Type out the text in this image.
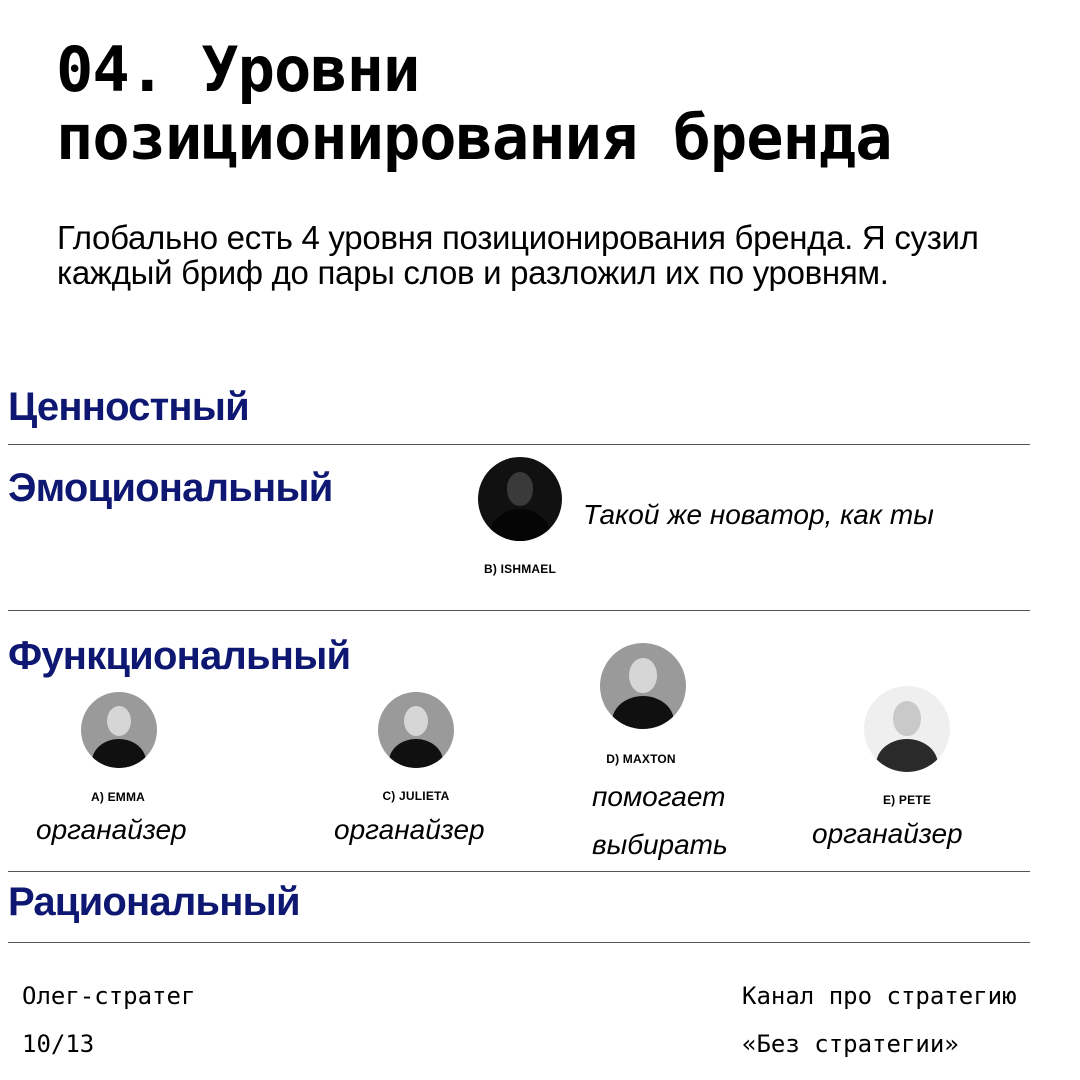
04. Уровни
позиционирования бренда
Глобально есть 4 уровня позиционирования бренда. Я сузил каждый бриф до пары слов и разложил их по уровням.
Ценностный
Эмоциональный
B) ISHMAEL
Такой же новатор, как ты
Функциональный
A) EMMA
органайзер
C) JULIETA
органайзер
D) MAXTON
помогает
выбирать
E) PETE
органайзер
Рациональный
Олег-стратег
10/13
Канал про стратегию
«Без стратегии»
